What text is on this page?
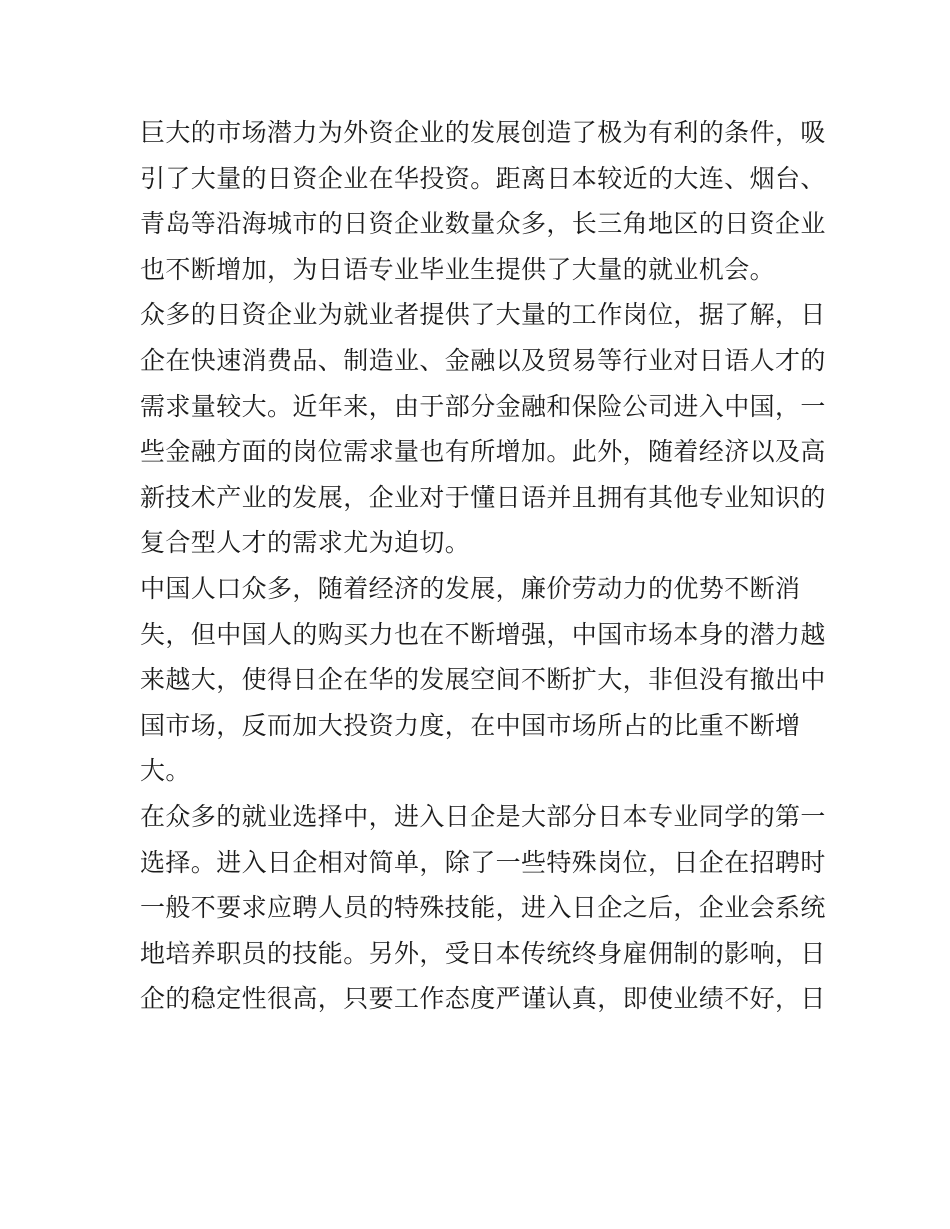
巨大的市场潜力为外资企业的发展创造了极为有利的条件，吸
引了大量的日资企业在华投资。距离日本较近的大连、烟台、
青岛等沿海城市的日资企业数量众多，长三角地区的日资企业
也不断增加，为日语专业毕业生提供了大量的就业机会。
众多的日资企业为就业者提供了大量的工作岗位，据了解，日
企在快速消费品、制造业、金融以及贸易等行业对日语人才的
需求量较大。近年来，由于部分金融和保险公司进入中国，一
些金融方面的岗位需求量也有所增加。此外，随着经济以及高
新技术产业的发展，企业对于懂日语并且拥有其他专业知识的
复合型人才的需求尤为迫切。
中国人口众多，随着经济的发展，廉价劳动力的优势不断消
失，但中国人的购买力也在不断增强，中国市场本身的潜力越
来越大，使得日企在华的发展空间不断扩大，非但没有撤出中
国市场，反而加大投资力度，在中国市场所占的比重不断增
大。
在众多的就业选择中，进入日企是大部分日本专业同学的第一
选择。进入日企相对简单，除了一些特殊岗位，日企在招聘时
一般不要求应聘人员的特殊技能，进入日企之后，企业会系统
地培养职员的技能。另外，受日本传统终身雇佣制的影响，日
企的稳定性很高，只要工作态度严谨认真，即使业绩不好，日
